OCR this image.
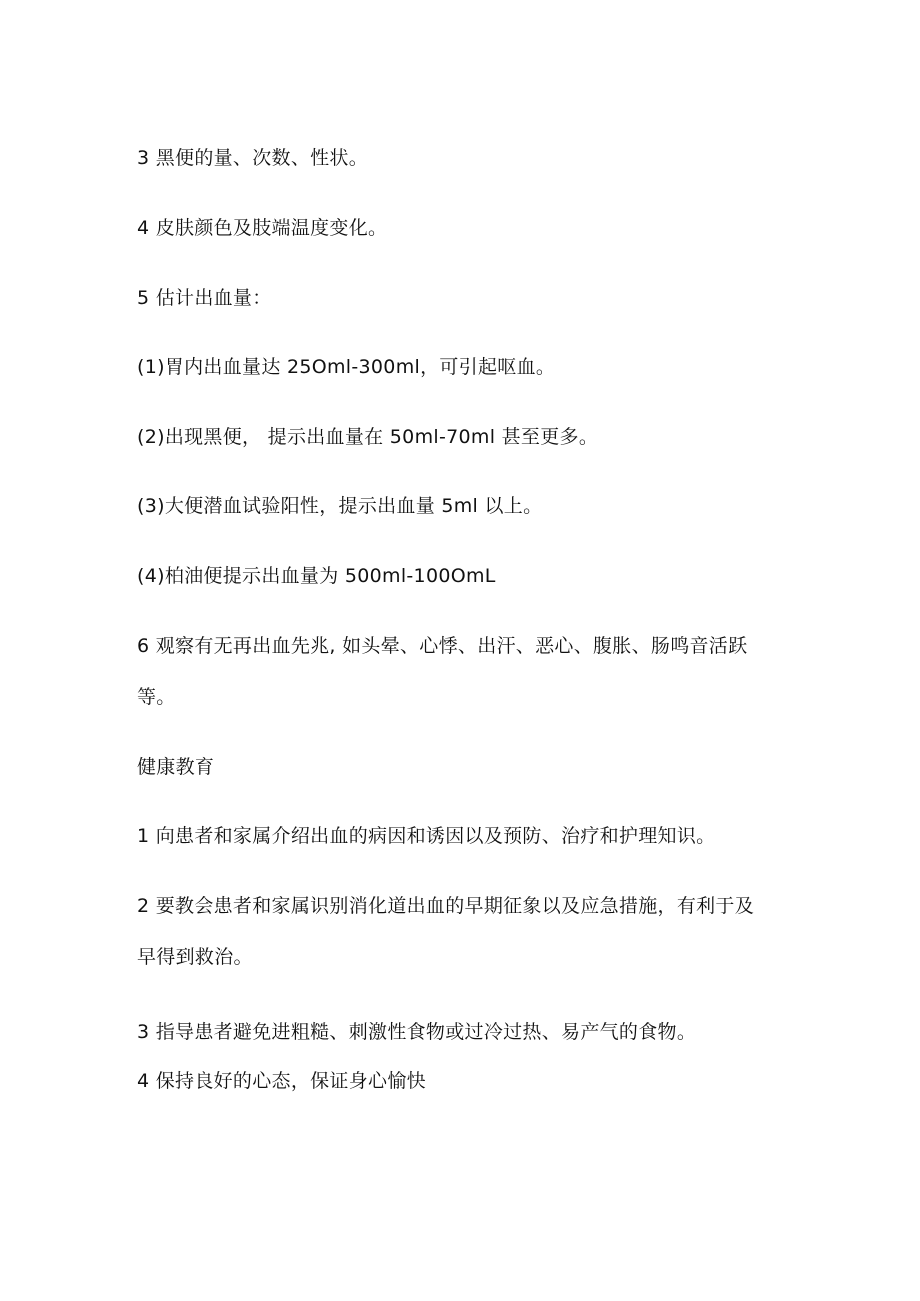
3 黑便的量、次数、性状。
4 皮肤颜色及肢端温度变化。
5 估计出血量：
(1)胃内出血量达 25Oml-300ml，可引起呕血。
(2)出现黑便， 提示出血量在 50ml-70ml 甚至更多。
(3)大便潜血试验阳性，提示出血量 5ml 以上。
(4)柏油便提示出血量为 500ml-100OmL
6 观察有无再出血先兆, 如头晕、心悸、出汗、恶心、腹胀、肠鸣音活跃
等。
健康教育
1 向患者和家属介绍出血的病因和诱因以及预防、治疗和护理知识。
2 要教会患者和家属识别消化道出血的早期征象以及应急措施，有利于及
早得到救治。
3 指导患者避免进粗糙、刺激性食物或过冷过热、易产气的食物。
4 保持良好的心态，保证身心愉快
